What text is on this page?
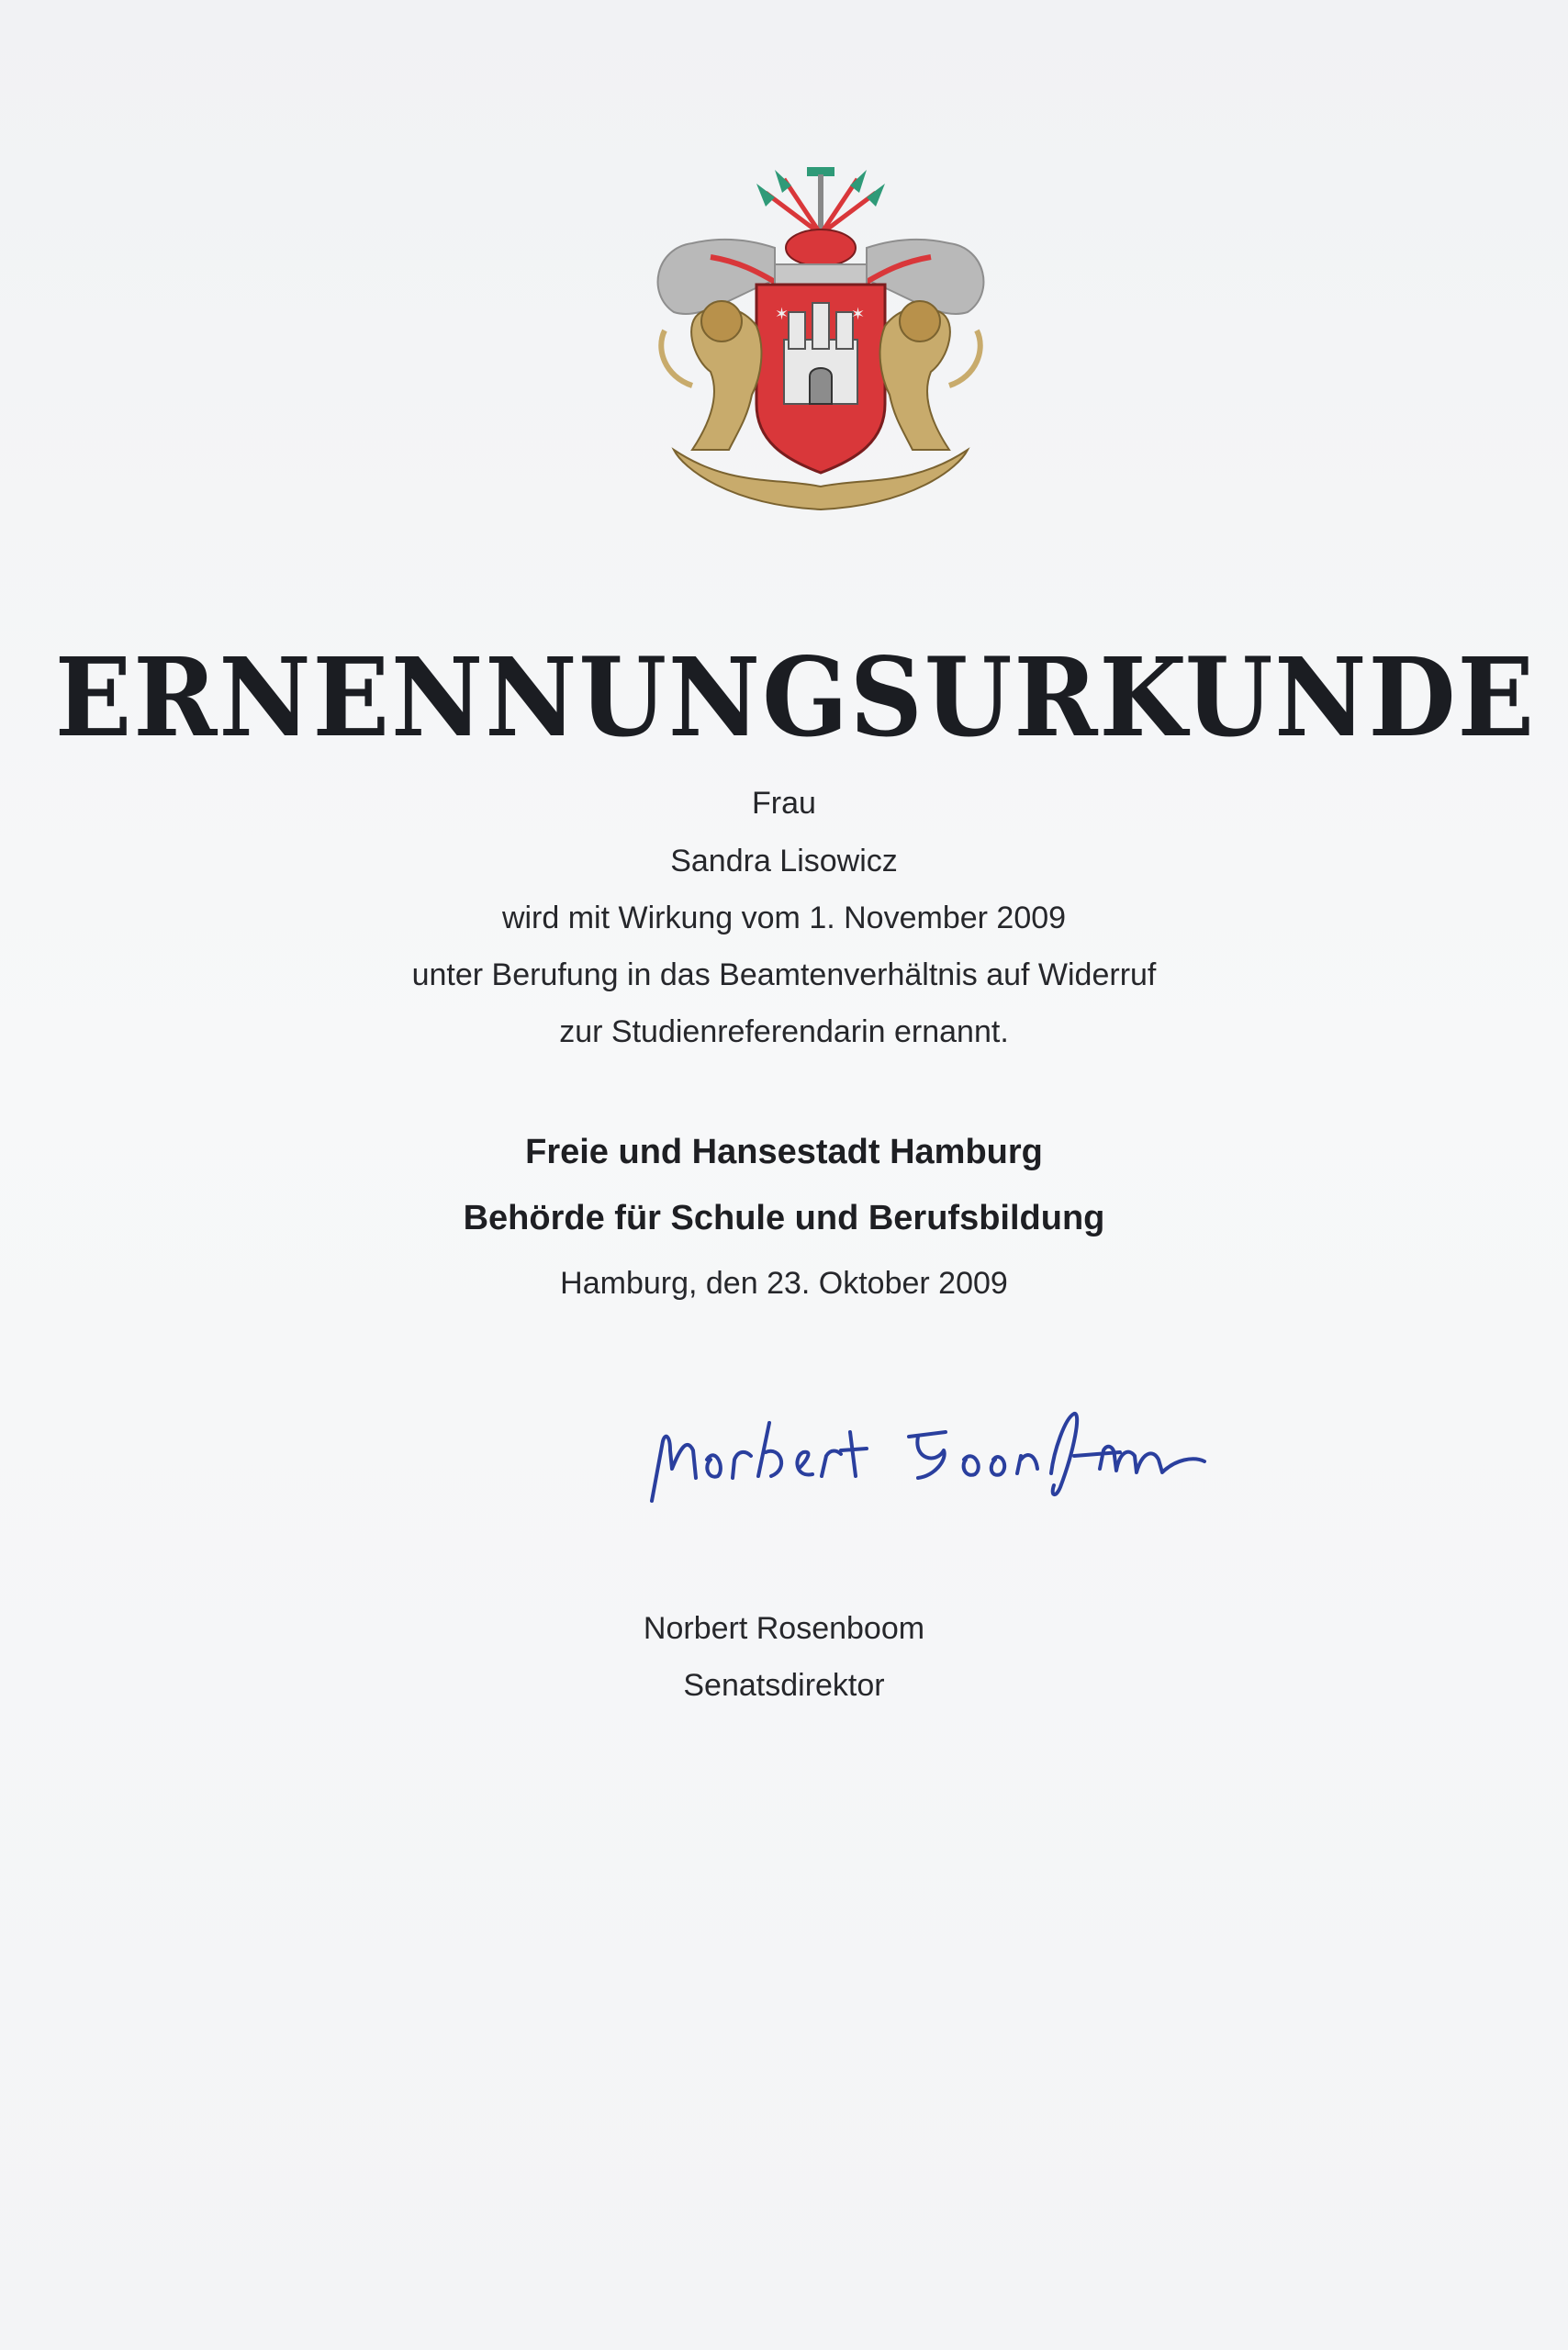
✶	✶
ERNENNUNGSURKUNDE
Frau
Sandra Lisowicz
wird mit Wirkung vom 1. November 2009
unter Berufung in das Beamtenverhältnis auf Widerruf
zur Studienreferendarin ernannt.
Freie und Hansestadt Hamburg
Behörde für Schule und Berufsbildung
Hamburg, den 23. Oktober 2009
Norbert Rosenboom
Senatsdirektor
